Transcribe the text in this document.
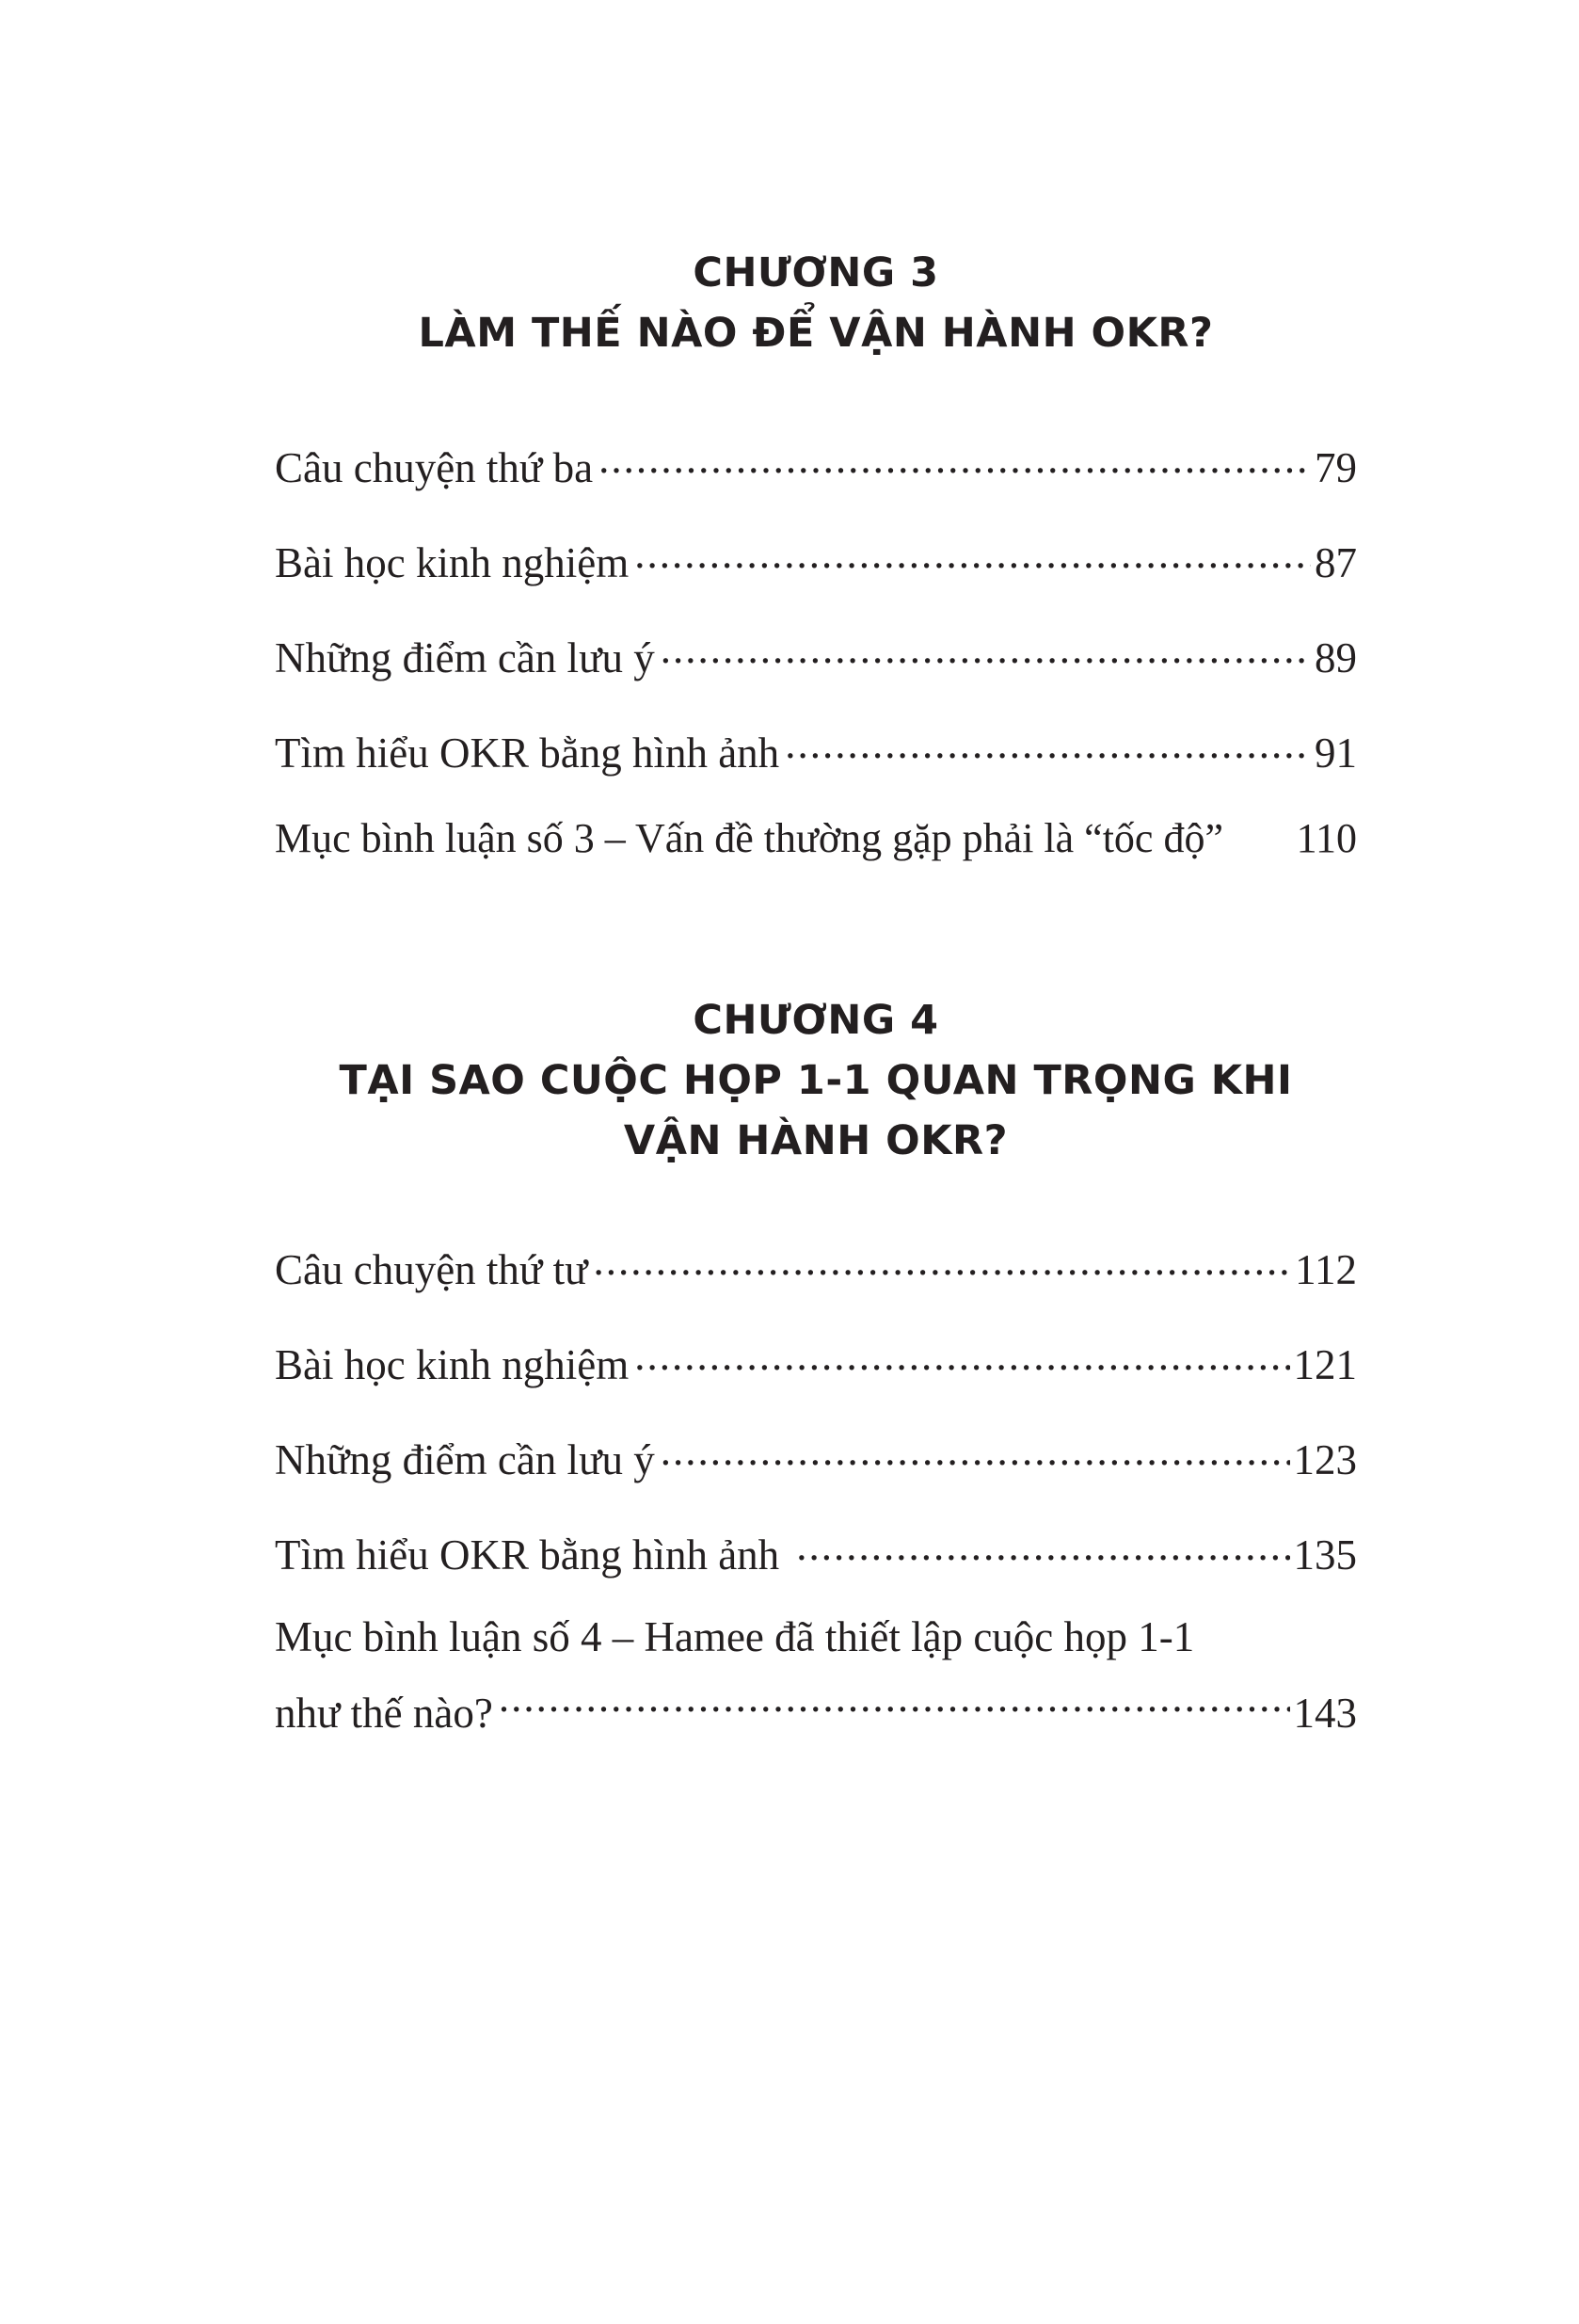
CHƯƠNG 3
LÀM THẾ NÀO ĐỂ VẬN HÀNH OKR?
Câu chuyện thứ ba .....	79
Bài học kinh nghiệm .....	87
Những điểm cần lưu ý .....	89
Tìm hiểu OKR bằng hình ảnh .....	91
Mục bình luận số 3 – Vấn đề thường gặp phải là “tốc độ”	110
CHƯƠNG 4
TẠI SAO CUỘC HỌP 1-1 QUAN TRỌNG KHI
VẬN HÀNH OKR?
Câu chuyện thứ tư .....	112
Bài học kinh nghiệm .....	121
Những điểm cần lưu ý .....	123
Tìm hiểu OKR bằng hình ảnh .....	135
Mục bình luận số 4 – Hamee đã thiết lập cuộc họp 1-1
như thế nào? .....	143
